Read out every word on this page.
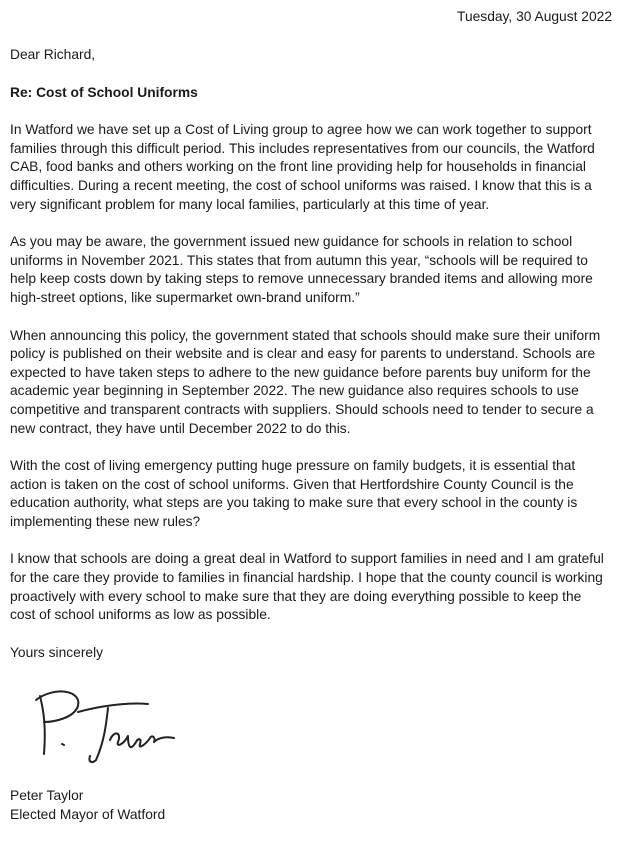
Tuesday, 30 August 2022

Dear Richard,

Re: Cost of School Uniforms

In Watford we have set up a Cost of Living group to agree how we can work together to support families through this difficult period. This includes representatives from our councils, the Watford CAB, food banks and others working on the front line providing help for households in financial difficulties. During a recent meeting, the cost of school uniforms was raised. I know that this is a very significant problem for many local families, particularly at this time of year.

As you may be aware, the government issued new guidance for schools in relation to school uniforms in November 2021. This states that from autumn this year, “schools will be required to help keep costs down by taking steps to remove unnecessary branded items and allowing more high-street options, like supermarket own-brand uniform.”

When announcing this policy, the government stated that schools should make sure their uniform policy is published on their website and is clear and easy for parents to understand. Schools are expected to have taken steps to adhere to the new guidance before parents buy uniform for the academic year beginning in September 2022. The new guidance also requires schools to use competitive and transparent contracts with suppliers. Should schools need to tender to secure a new contract, they have until December 2022 to do this.

With the cost of living emergency putting huge pressure on family budgets, it is essential that action is taken on the cost of school uniforms. Given that Hertfordshire County Council is the education authority, what steps are you taking to make sure that every school in the county is implementing these new rules?

I know that schools are doing a great deal in Watford to support families in need and I am grateful for the care they provide to families in financial hardship. I hope that the county council is working proactively with every school to make sure that they are doing everything possible to keep the cost of school uniforms as low as possible.

Yours sincerely

Peter Taylor

Elected Mayor of Watford
